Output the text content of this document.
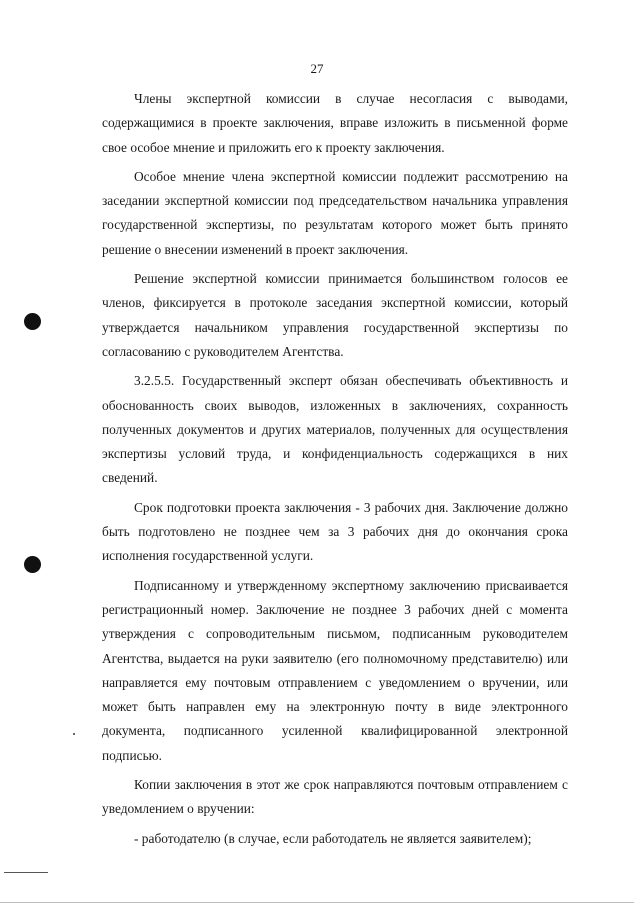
27

Члены экспертной комиссии в случае несогласия с выводами, содержащимися в проекте заключения, вправе изложить в письменной форме свое особое мнение и приложить его к проекту заключения.

Особое мнение члена экспертной комиссии подлежит рассмотрению на заседании экспертной комиссии под председательством начальника управления государственной экспертизы, по результатам которого может быть принято решение о внесении изменений в проект заключения.

Решение экспертной комиссии принимается большинством голосов ее членов, фиксируется в протоколе заседания экспертной комиссии, который утверждается начальником управления государственной экспертизы по согласованию с руководителем Агентства.

3.2.5.5. Государственный эксперт обязан обеспечивать объективность и обоснованность своих выводов, изложенных в заключениях, сохранность полученных документов и других материалов, полученных для осуществления экспертизы условий труда, и конфиденциальность содержащихся в них сведений.

Срок подготовки проекта заключения - 3 рабочих дня. Заключение должно быть подготовлено не позднее чем за 3 рабочих дня до окончания срока исполнения государственной услуги.

Подписанному и утвержденному экспертному заключению присваивается регистрационный номер. Заключение не позднее 3 рабочих дней с момента утверждения с сопроводительным письмом, подписанным руководителем Агентства, выдается на руки заявителю (его полномочному представителю) или направляется ему почтовым отправлением с уведомлением о вручении, или может быть направлен ему на электронную почту в виде электронного документа, подписанного усиленной квалифицированной электронной подписью.

Копии заключения в этот же срок направляются почтовым отправлением с уведомлением о вручении:

- работодателю (в случае, если работодатель не является заявителем);
